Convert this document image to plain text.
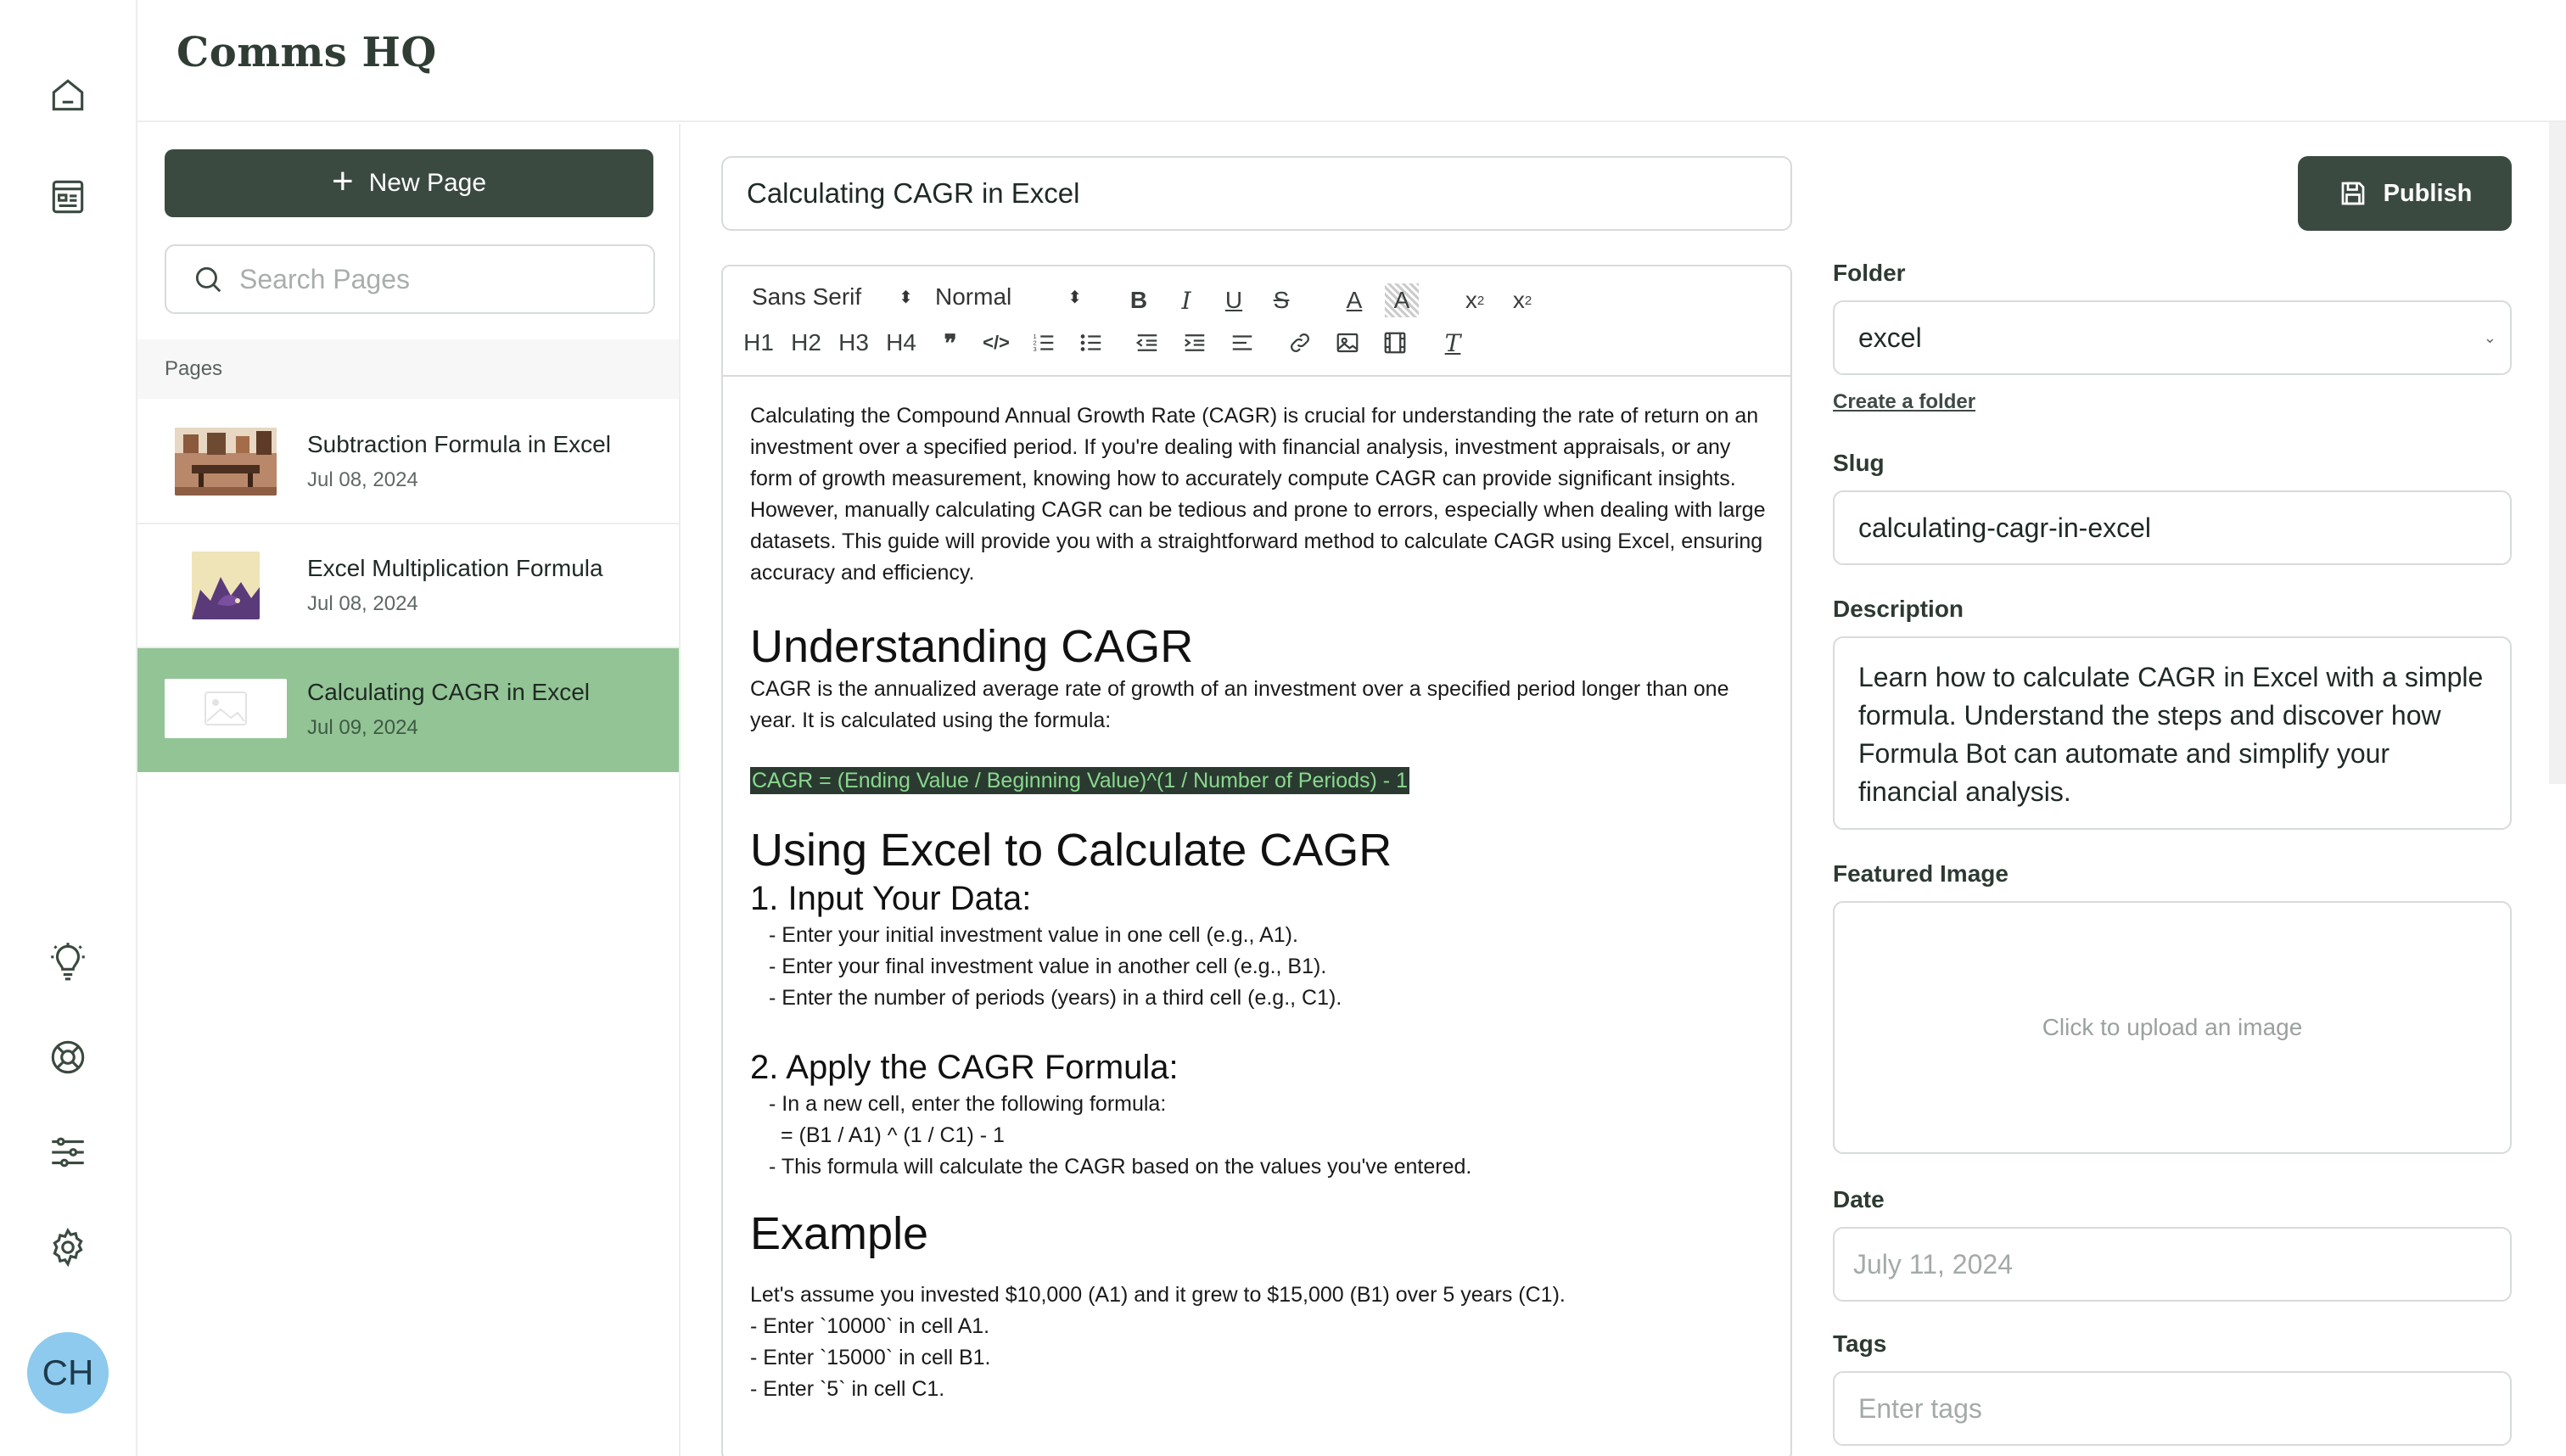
CH
Comms HQ
+ New Page
Search Pages
Pages
Subtraction Formula in Excel
Jul 08, 2024
Excel Multiplication Formula
Jul 08, 2024
Calculating CAGR in Excel
Jul 09, 2024
Calculating CAGR in Excel
Sans Serif ⬍ Normal	⬍	B	I	U	S	A	A	x 2	x 2
H1 H2 H3 H4	❞	</>	1
2
3	T

Calculating the Compound Annual Growth Rate (CAGR) is crucial for understanding the rate of return on an investment over a specified period. If you're dealing with financial analysis, investment appraisals, or any form of growth measurement, knowing how to accurately compute CAGR can provide significant insights. However, manually calculating CAGR can be tedious and prone to errors, especially when dealing with large datasets. This guide will provide you with a straightforward method to calculate CAGR using Excel, ensuring accuracy and efficiency.

Understanding CAGR

CAGR is the annualized average rate of growth of an investment over a specified period longer than one year. It is calculated using the formula:

CAGR = (Ending Value / Beginning Value)^(1 / Number of Periods) - 1
Using Excel to Calculate CAGR
1. Input Your Data:

- Enter your initial investment value in one cell (e.g., A1).

- Enter your final investment value in another cell (e.g., B1).

- Enter the number of periods (years) in a third cell (e.g., C1).

2. Apply the CAGR Formula:

- In a new cell, enter the following formula:

= (B1 / A1) ^ (1 / C1) - 1

- This formula will calculate the CAGR based on the values you've entered.

Example

Let's assume you invested $10,000 (A1) and it grew to $15,000 (B1) over 5 years (C1).

- Enter `10000` in cell A1.

- Enter `15000` in cell B1.

- Enter `5` in cell C1.

Publish
Folder
excel	⌄
Create a folder
Slug
calculating-cagr-in-excel
Description
Learn how to calculate CAGR in Excel with a simple formula. Understand the steps and discover how Formula Bot can automate and simplify your financial analysis.
Featured Image
Click to upload an image
Date
July 11, 2024
Tags
Enter tags
